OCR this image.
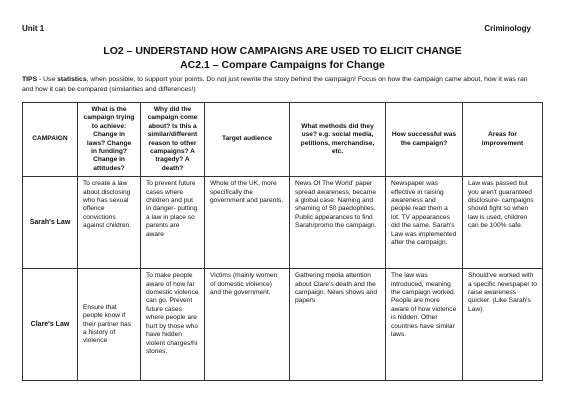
Unit 1	Criminology
LO2 – UNDERSTAND HOW CAMPAIGNS ARE USED TO ELICIT CHANGE
AC2.1 – Compare Campaigns for Change
TIPS - Use statistics, when possible, to support your points. Do not just rewrite the story behind the campaign! Focus on how the campaign came about, how it was ran and how it can be compared (similarities and differences!)
CAMPAIGN	What is the campaign trying to achieve: Change in laws? Change in funding? Change in attitudes?	Why did the campaign come about? Is this a similar/different reason to other campaigns? A tragedy? A death?	Target audience	What methods did they use? e.g. social media, petitions, merchandise, etc.	How successful was the campaign?	Areas for improvement
Sarah's Law	To create a law about disclosing who has sexual offence convictions against children.	To prevent future cases where children and put in danger- putting a law in place so parents are aware	Whole of the UK, more specifically the government and parents.	News Of The World' paper spread awareness, became a global case. Naming and shaming of 50 paedophiles. Public appearances to find Sarah/promo the campaign.	Newspaper was effective in raising awareness and people read them a lot. TV appearances did the same. Sarah's Law was implemented after the campaign.	Law was passed but you aren't guaranteed disclosure- campaigns should fight so when law is used, children can be 100% safe.
Clare's Law	Ensure that people know if their partner has a history of violence	To make people aware of how far domestic violence can go. Prevent future cases where people are hurt by those who have hidden violent charges/hi stories.	Victims (mainly women of domestic violence) and the government.	Gathering media attention about Clare's death and the campaign. News shows and papers	The law was introduced, meaning the campaign worked. People are more aware of how violence is hidden. Other countries have similar laws.	Should've worked with a specific newspaper to raise awareness quicker. (Like Sarah's Law).
